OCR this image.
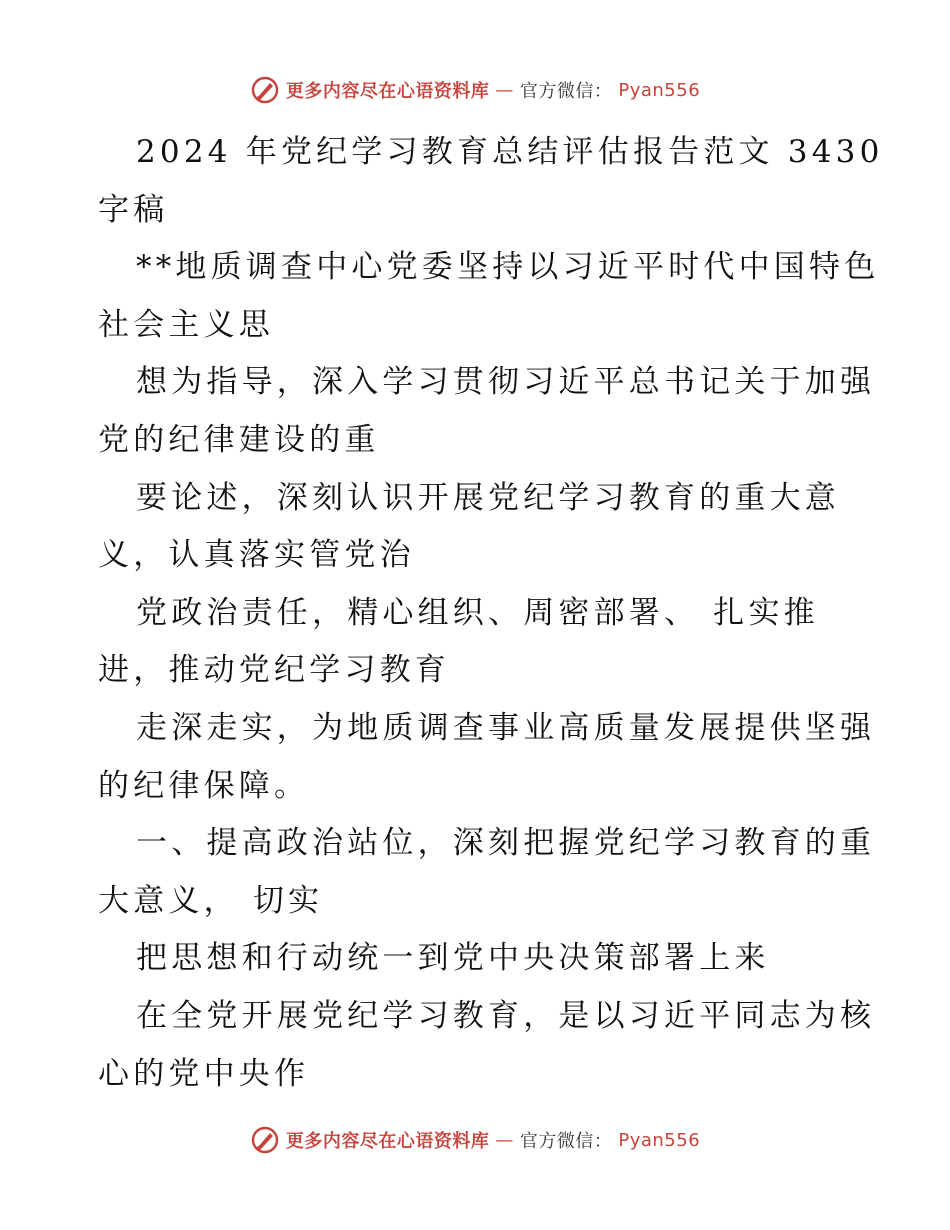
更多内容尽在心语资料库 — 官方微信： Pyan556
2024 年党纪学习教育总结评估报告范文 3430
字稿
**地质调查中心党委坚持以习近平时代中国特色
社会主义思
想为指导，深入学习贯彻习近平总书记关于加强
党的纪律建设的重
要论述，深刻认识开展党纪学习教育的重大意
义，认真落实管党治
党政治责任，精心组织、周密部署、 扎实推
进，推动党纪学习教育
走深走实，为地质调查事业高质量发展提供坚强
的纪律保障。
一、提高政治站位，深刻把握党纪学习教育的重
大意义， 切实
把思想和行动统一到党中央决策部署上来
在全党开展党纪学习教育，是以习近平同志为核
心的党中央作
更多内容尽在心语资料库 — 官方微信： Pyan556
